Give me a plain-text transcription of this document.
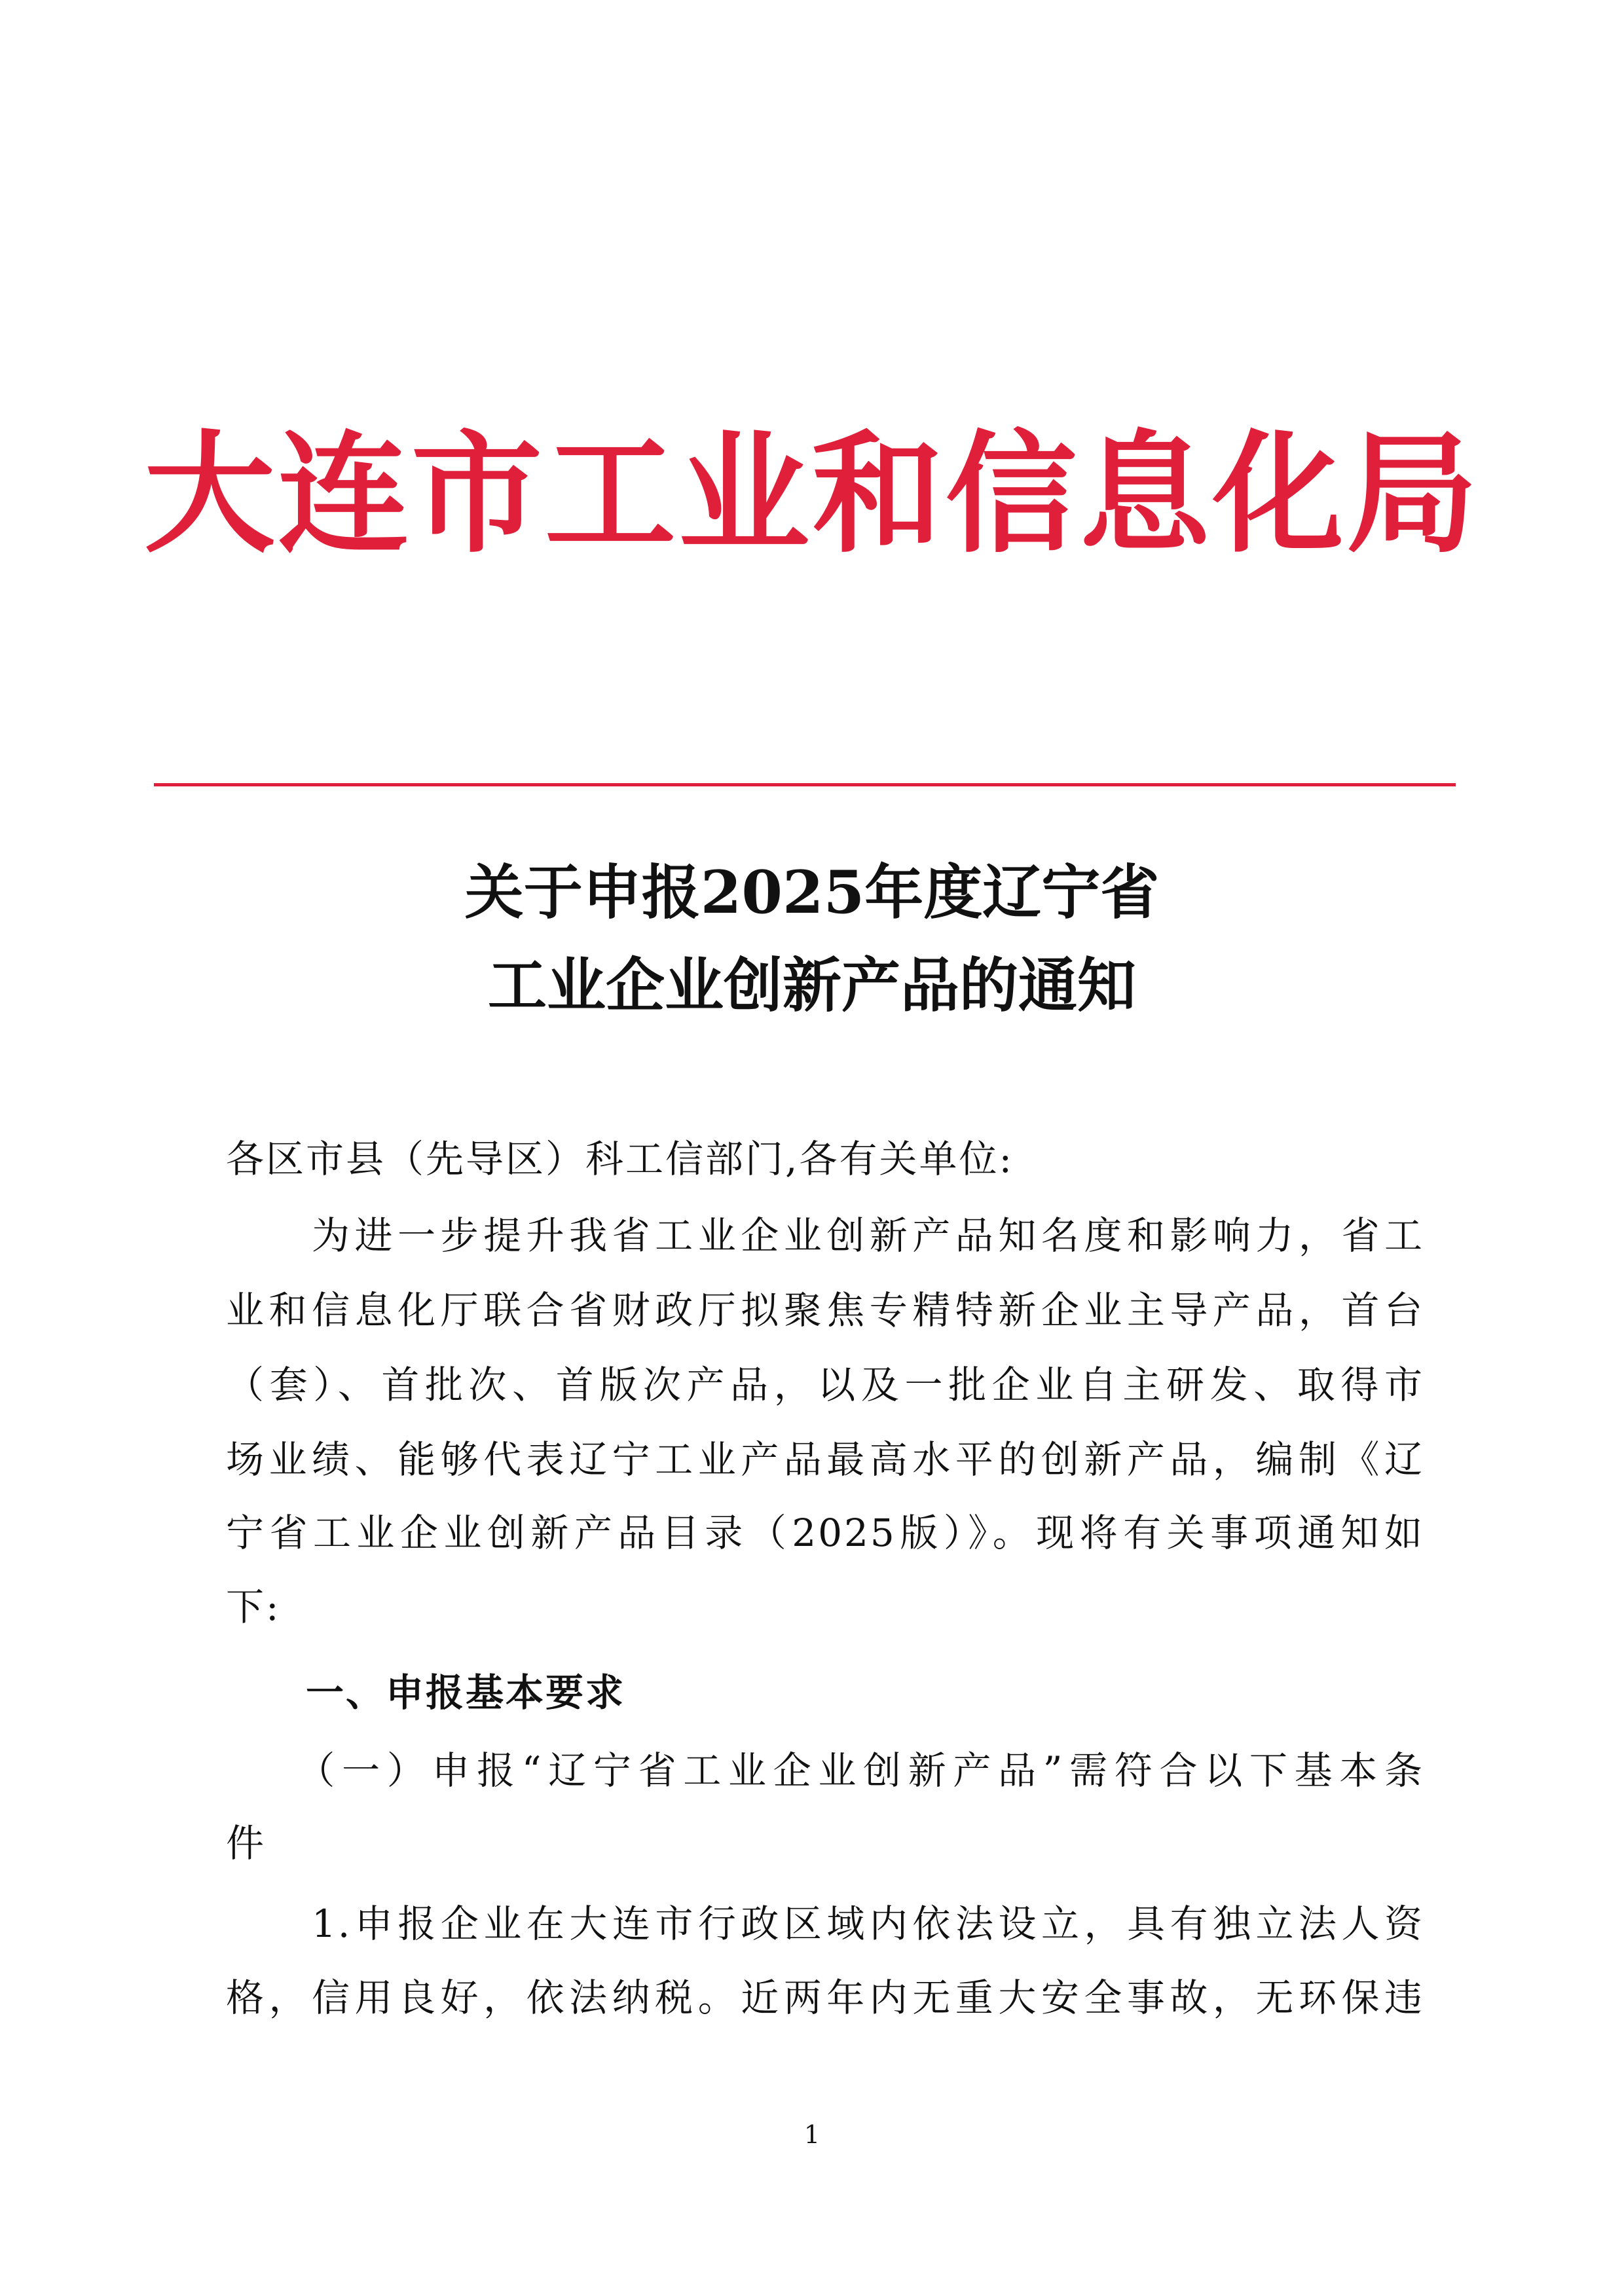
大连市工业和信息化局
关于申报2025年度辽宁省
工业企业创新产品的通知
各区市县（先导区）科工信部门,各有关单位:
　　为进一步提升我省工业企业创新产品知名度和影响力，省工
业和信息化厅联合省财政厅拟聚焦专精特新企业主导产品，首台
（套）、首批次、首版次产品，以及一批企业自主研发、取得市
场业绩、能够代表辽宁工业产品最高水平的创新产品，编制《辽
宁省工业企业创新产品目录（2025版）》。现将有关事项通知如
下:
　　一、申报基本要求
　　（一）申报“辽宁省工业企业创新产品”需符合以下基本条
件
　　1.申报企业在大连市行政区域内依法设立，具有独立法人资
格，信用良好，依法纳税。近两年内无重大安全事故，无环保违
1
